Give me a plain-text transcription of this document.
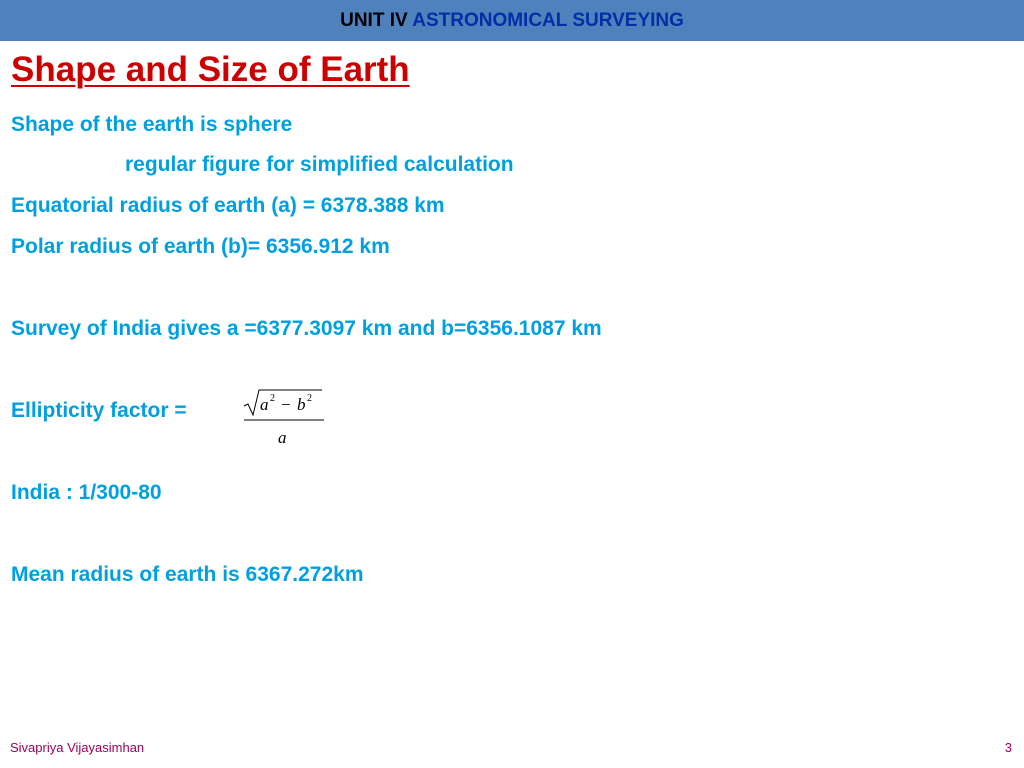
UNIT IV ASTRONOMICAL SURVEYING
Shape and Size of Earth
Shape of the earth is sphere
regular figure for simplified calculation
Equatorial radius of earth (a) = 6378.388 km
Polar radius of earth (b)= 6356.912 km
Survey of India gives a =6377.3097 km and b=6356.1087 km
Ellipticity factor =	a 2 − b 2
a
India : 1/300-80
Mean radius of earth is 6367.272km
Sivapriya Vijayasimhan	3
